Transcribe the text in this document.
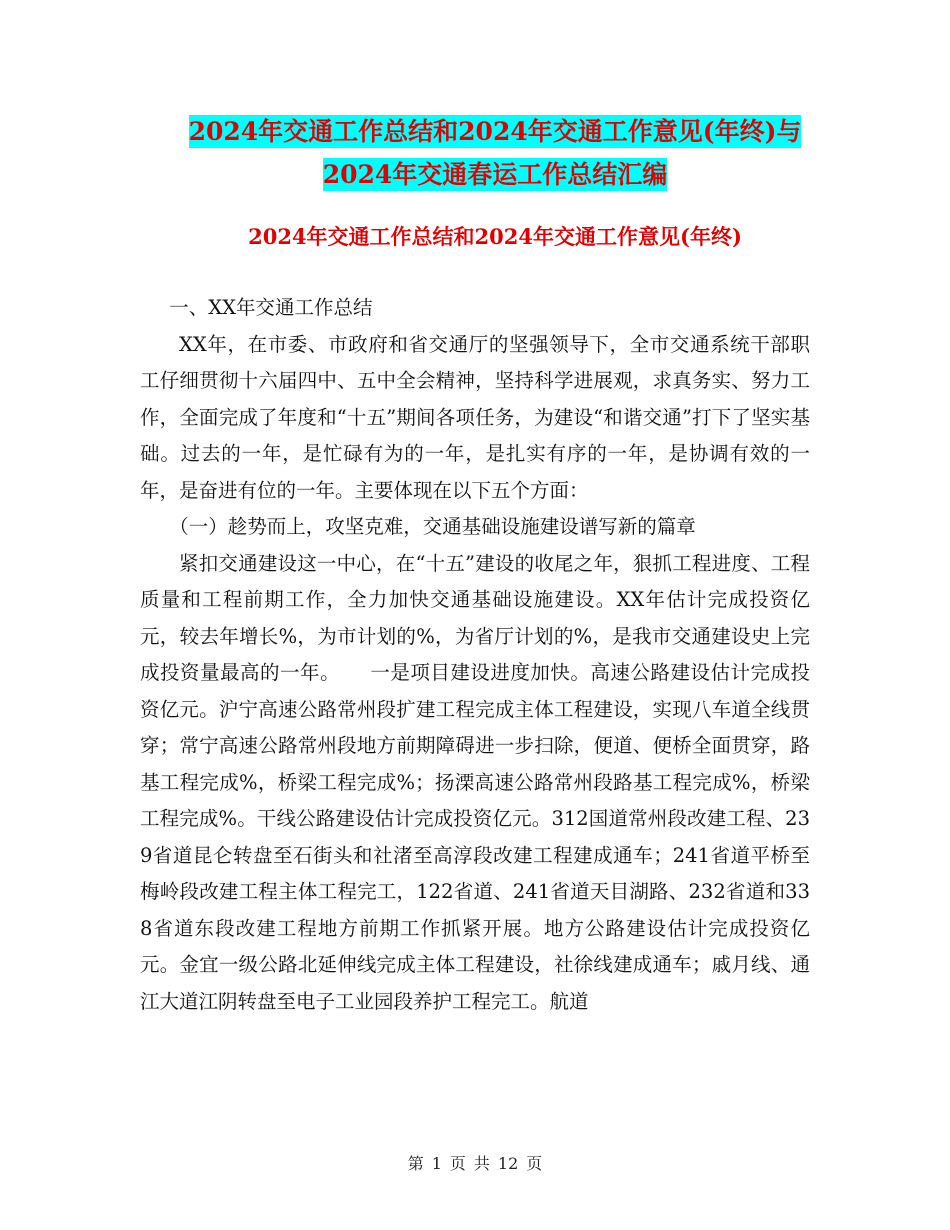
2024年交通工作总结和2024年交通工作意见(年终)与
2024年交通春运工作总结汇编
2024年交通工作总结和2024年交通工作意见(年终)

一、XX年交通工作总结

XX年，在市委、市政府和省交通厅的坚强领导下，全市交通系统干部职工仔细贯彻十六届四中、五中全会精神，坚持科学进展观，求真务实、努力工作，全面完成了年度和“十五”期间各项任务，为建设“和谐交通”打下了坚实基础。过去的一年，是忙碌有为的一年，是扎实有序的一年，是协调有效的一年，是奋进有位的一年。主要体现在以下五个方面：

（一）趁势而上，攻坚克难，交通基础设施建设谱写新的篇章

紧扣交通建设这一中心，在“十五”建设的收尾之年，狠抓工程进度、工程质量和工程前期工作，全力加快交通基础设施建设。XX年估计完成投资亿元，较去年增长%，为市计划的%，为省厅计划的%，是我市交通建设史上完成投资量最高的一年。　　一是项目建设进度加快。高速公路建设估计完成投资亿元。沪宁高速公路常州段扩建工程完成主体工程建设，实现八车道全线贯穿；常宁高速公路常州段地方前期障碍进一步扫除，便道、便桥全面贯穿，路基工程完成%，桥梁工程完成%；扬溧高速公路常州段路基工程完成%，桥梁工程完成%。干线公路建设估计完成投资亿元。312国道常州段改建工程、239省道昆仑转盘至石街头和社渚至高淳段改建工程建成通车；241省道平桥至梅岭段改建工程主体工程完工，122省道、241省道天目湖路、232省道和338省道东段改建工程地方前期工作抓紧开展。地方公路建设估计完成投资亿元。金宜一级公路北延伸线完成主体工程建设，社徐线建成通车；戚月线、通江大道江阴转盘至电子工业园段养护工程完工。航道

第 1 页 共 12 页
